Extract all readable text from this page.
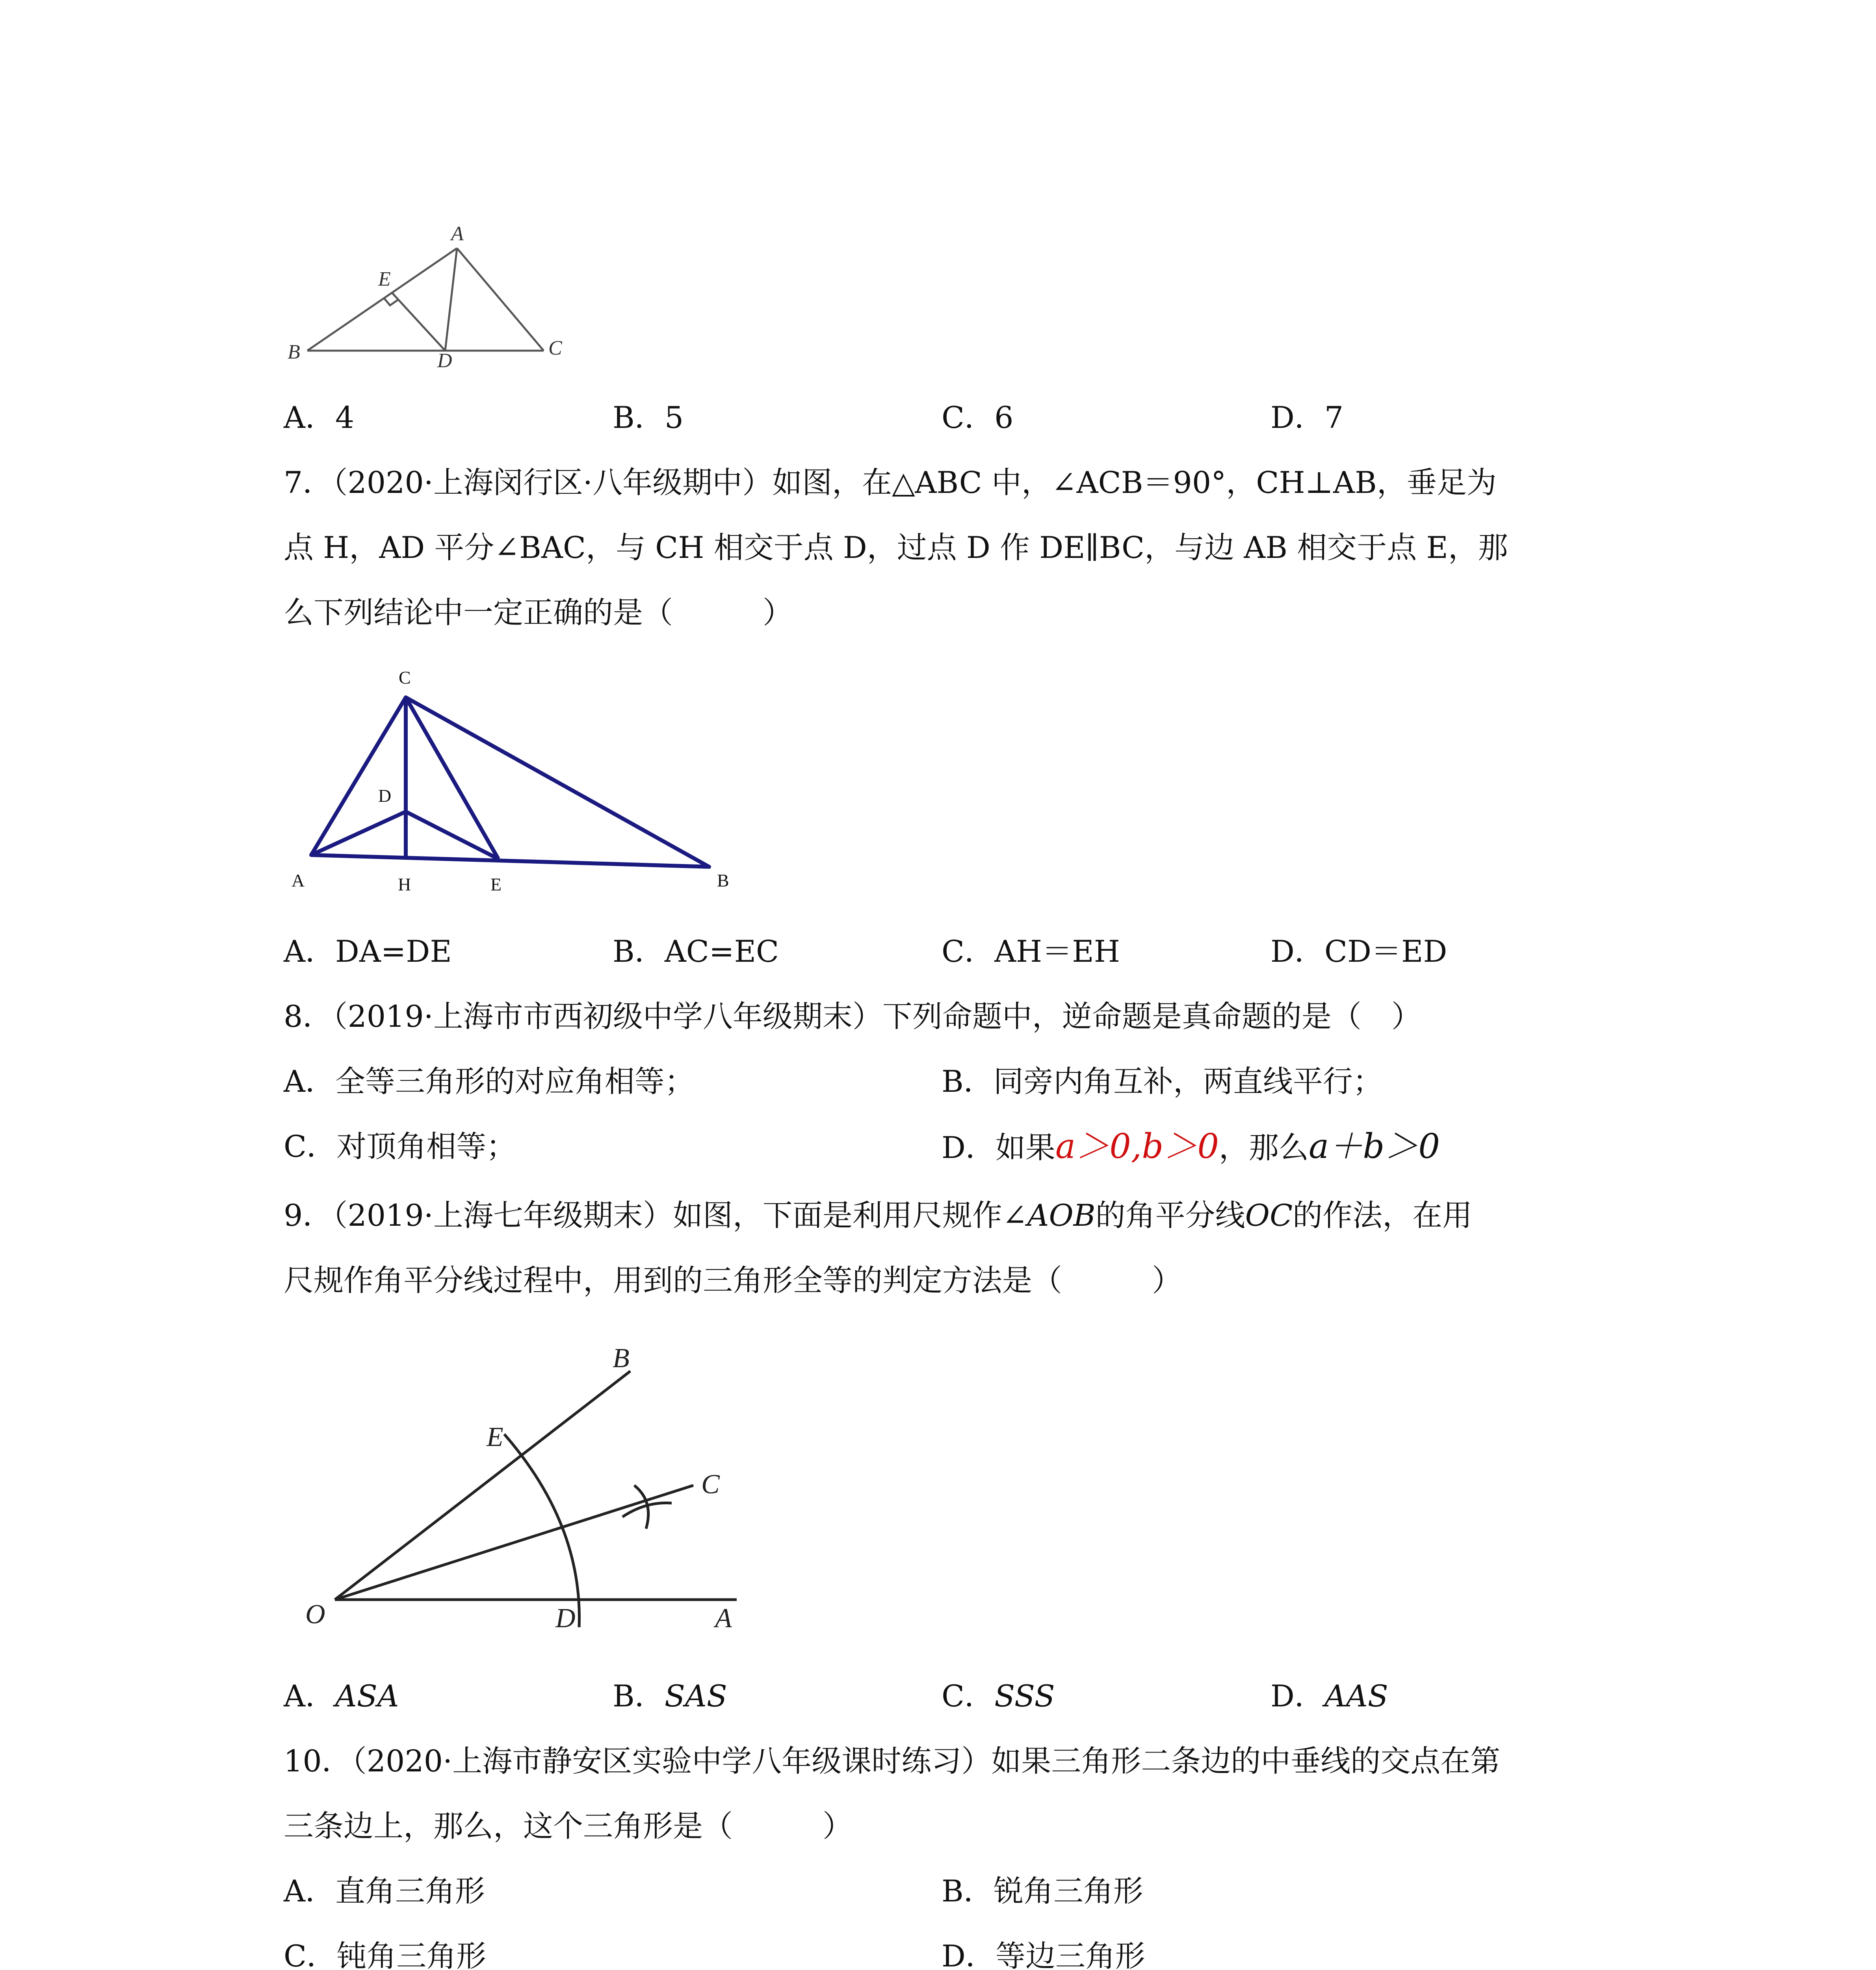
B
A
C
D
E
A．4	B．5	C．6	D．7
7．（2020·上海闵行区·八年级期中）如图，在△ABC 中，∠ACB＝90°，CH⊥AB，垂足为
点 H，AD 平分∠BAC，与 CH 相交于点 D，过点 D 作 DE∥BC，与边 AB 相交于点 E，那
么下列结论中一定正确的是（　　　）
A
C
B
H	E
D
A．DA=DE	B．AC=EC	C．AH＝EH	D．CD＝ED
8．（2019·上海市市西初级中学八年级期末）下列命题中，逆命题是真命题的是（　）
A．全等三角形的对应角相等；	B．同旁内角互补，两直线平行；
C．对顶角相等；	D．如果a＞0,b＞0，那么a＋b＞0
9．（2019·上海七年级期末）如图，下面是利用尺规作∠AOB的角平分线OC的作法，在用
尺规作角平分线过程中，用到的三角形全等的判定方法是（　　　）
O	A
B
C
D
E
A．ASA	B．SAS	C．SSS	D．AAS
10．（2020·上海市静安区实验中学八年级课时练习）如果三角形二条边的中垂线的交点在第
三条边上，那么，这个三角形是（　　　）
A．直角三角形	B．锐角三角形
C．钝角三角形	D．等边三角形
